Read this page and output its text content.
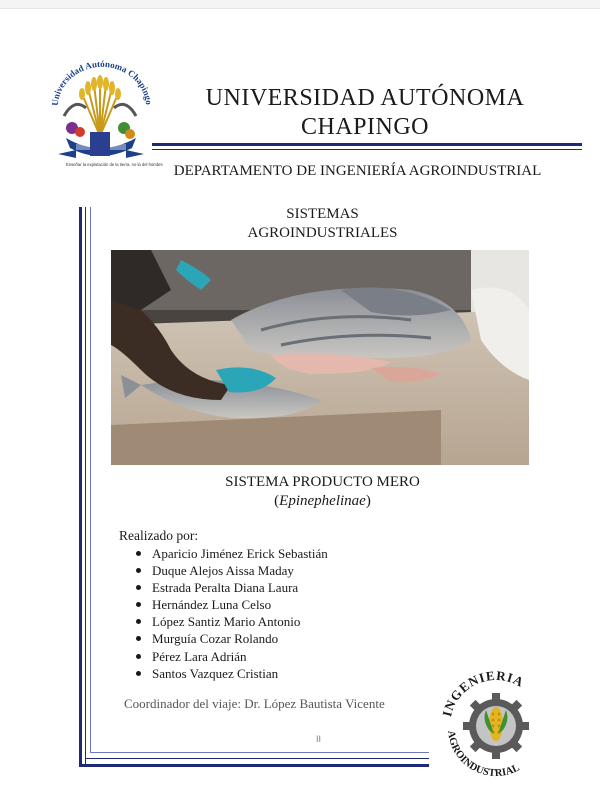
Universidad Autónoma Chapingo
Enseñar la explotación de la tierra, no la del hombre
UNIVERSIDAD AUTÓNOMA
CHAPINGO
DEPARTAMENTO DE INGENIERÍA AGROINDUSTRIAL
SISTEMAS
AGROINDUSTRIALES
SISTEMA PRODUCTO MERO
(Epinephelinae)
Realizado por:
Aparicio Jiménez Erick Sebastián
Duque Alejos Aissa Maday
Estrada Peralta Diana Laura
Hernández Luna Celso
López Santiz Mario Antonio
Murguía Cozar Rolando
Pérez Lara Adrián
Santos Vazquez Cristian
Coordinador del viaje: Dr. López Bautista Vicente
II
INGENIERIA
AGROINDUSTRIAL
